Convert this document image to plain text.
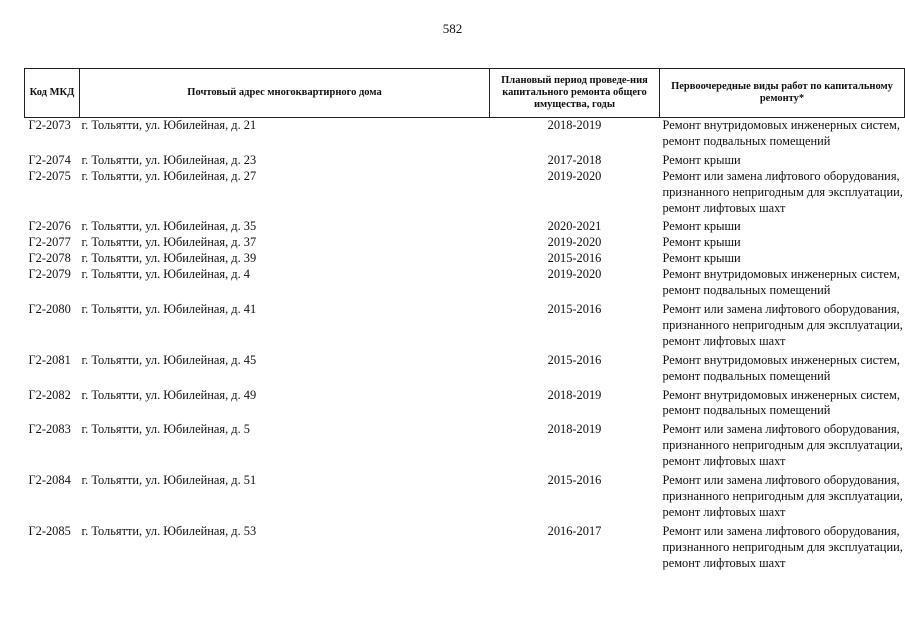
582
Код МКД	Почтовый адрес многоквартирного дома	Плановый период проведе-ния капитального ремонта общего имущества, годы	Первоочередные виды работ по капитальному ремонту*
Г2-2073	г. Тольятти, ул. Юбилейная, д. 21	2018-2019	Ремонт внутридомовых инженерных систем,
ремонт подвальных помещений

Г2-2074	г. Тольятти, ул. Юбилейная, д. 23	2017-2018	Ремонт крыши

Г2-2075	г. Тольятти, ул. Юбилейная, д. 27	2019-2020	Ремонт или замена лифтового оборудования,
признанного непригодным для эксплуатации,
ремонт лифтовых шахт

Г2-2076	г. Тольятти, ул. Юбилейная, д. 35	2020-2021	Ремонт крыши

Г2-2077	г. Тольятти, ул. Юбилейная, д. 37	2019-2020	Ремонт крыши

Г2-2078	г. Тольятти, ул. Юбилейная, д. 39	2015-2016	Ремонт крыши

Г2-2079	г. Тольятти, ул. Юбилейная, д. 4	2019-2020	Ремонт внутридомовых инженерных систем,
ремонт подвальных помещений

Г2-2080	г. Тольятти, ул. Юбилейная, д. 41	2015-2016	Ремонт или замена лифтового оборудования,
признанного непригодным для эксплуатации,
ремонт лифтовых шахт

Г2-2081	г. Тольятти, ул. Юбилейная, д. 45	2015-2016	Ремонт внутридомовых инженерных систем,
ремонт подвальных помещений

Г2-2082	г. Тольятти, ул. Юбилейная, д. 49	2018-2019	Ремонт внутридомовых инженерных систем,
ремонт подвальных помещений

Г2-2083	г. Тольятти, ул. Юбилейная, д. 5	2018-2019	Ремонт или замена лифтового оборудования,
признанного непригодным для эксплуатации,
ремонт лифтовых шахт

Г2-2084	г. Тольятти, ул. Юбилейная, д. 51	2015-2016	Ремонт или замена лифтового оборудования,
признанного непригодным для эксплуатации,
ремонт лифтовых шахт

Г2-2085	г. Тольятти, ул. Юбилейная, д. 53	2016-2017	Ремонт или замена лифтового оборудования,
признанного непригодным для эксплуатации,
ремонт лифтовых шахт
